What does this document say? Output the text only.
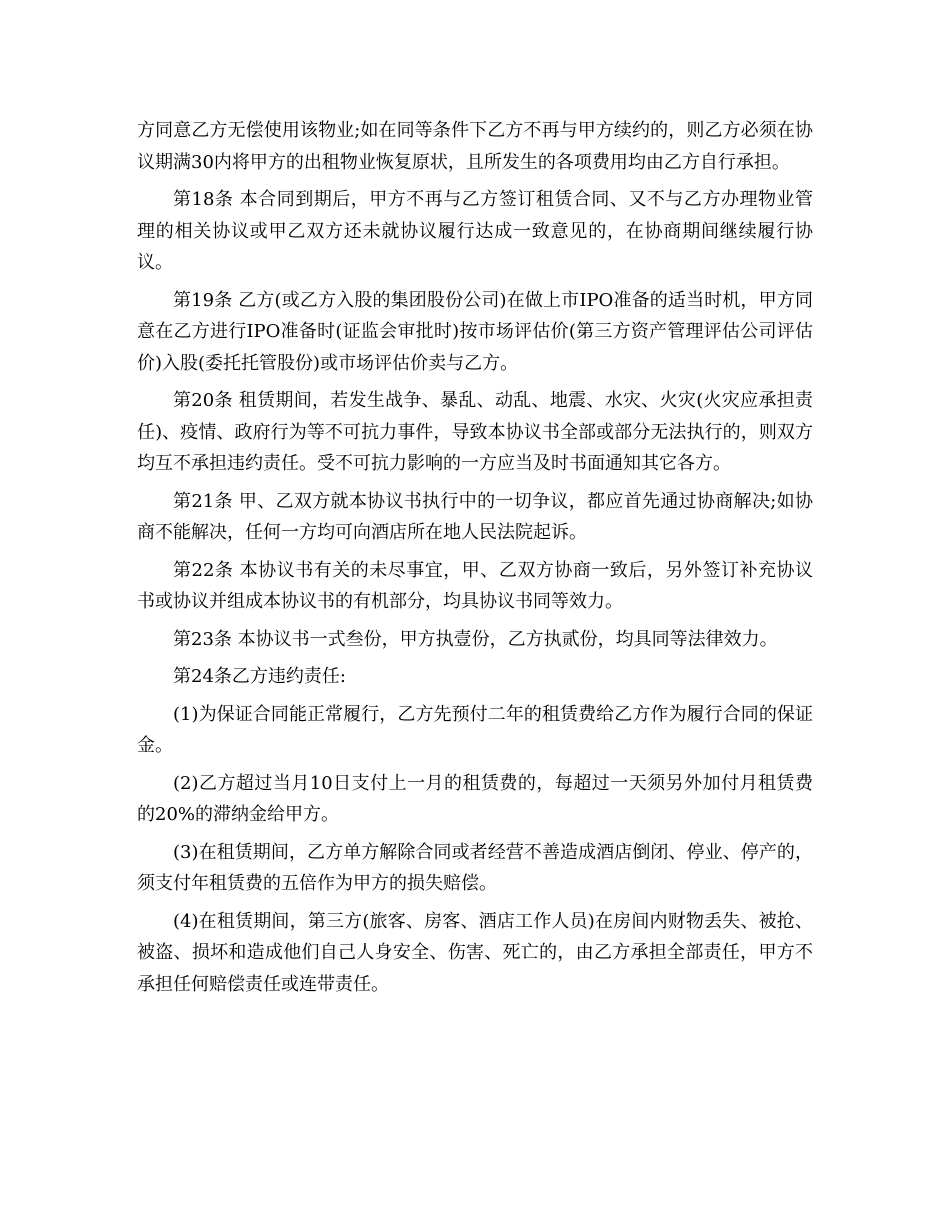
方同意乙方无偿使用该物业;如在同等条件下乙方不再与甲方续约的，则乙方必须在协议期满30内将甲方的出租物业恢复原状，且所发生的各项费用均由乙方自行承担。

第18条 本合同到期后，甲方不再与乙方签订租赁合同、又不与乙方办理物业管理的相关协议或甲乙双方还未就协议履行达成一致意见的，在协商期间继续履行协议。

第19条 乙方(或乙方入股的集团股份公司)在做上市IPO准备的适当时机，甲方同意在乙方进行IPO准备时(证监会审批时)按市场评估价(第三方资产管理评估公司评估价)入股(委托托管股份)或市场评估价卖与乙方。

第20条 租赁期间，若发生战争、暴乱、动乱、地震、水灾、火灾(火灾应承担责任)、疫情、政府行为等不可抗力事件，导致本协议书全部或部分无法执行的，则双方均互不承担违约责任。受不可抗力影响的一方应当及时书面通知其它各方。

第21条 甲、乙双方就本协议书执行中的一切争议，都应首先通过协商解决;如协商不能解决，任何一方均可向酒店所在地人民法院起诉。

第22条 本协议书有关的未尽事宜，甲、乙双方协商一致后，另外签订补充协议书或协议并组成本协议书的有机部分，均具协议书同等效力。

第23条 本协议书一式叁份，甲方执壹份，乙方执贰份，均具同等法律效力。

第24条乙方违约责任:

(1)为保证合同能正常履行，乙方先预付二年的租赁费给乙方作为履行合同的保证金。

(2)乙方超过当月10日支付上一月的租赁费的，每超过一天须另外加付月租赁费的20%的滞纳金给甲方。

(3)在租赁期间，乙方单方解除合同或者经营不善造成酒店倒闭、停业、停产的，须支付年租赁费的五倍作为甲方的损失赔偿。

(4)在租赁期间，第三方(旅客、房客、酒店工作人员)在房间内财物丢失、被抢、被盗、损坏和造成他们自己人身安全、伤害、死亡的，由乙方承担全部责任，甲方不承担任何赔偿责任或连带责任。
